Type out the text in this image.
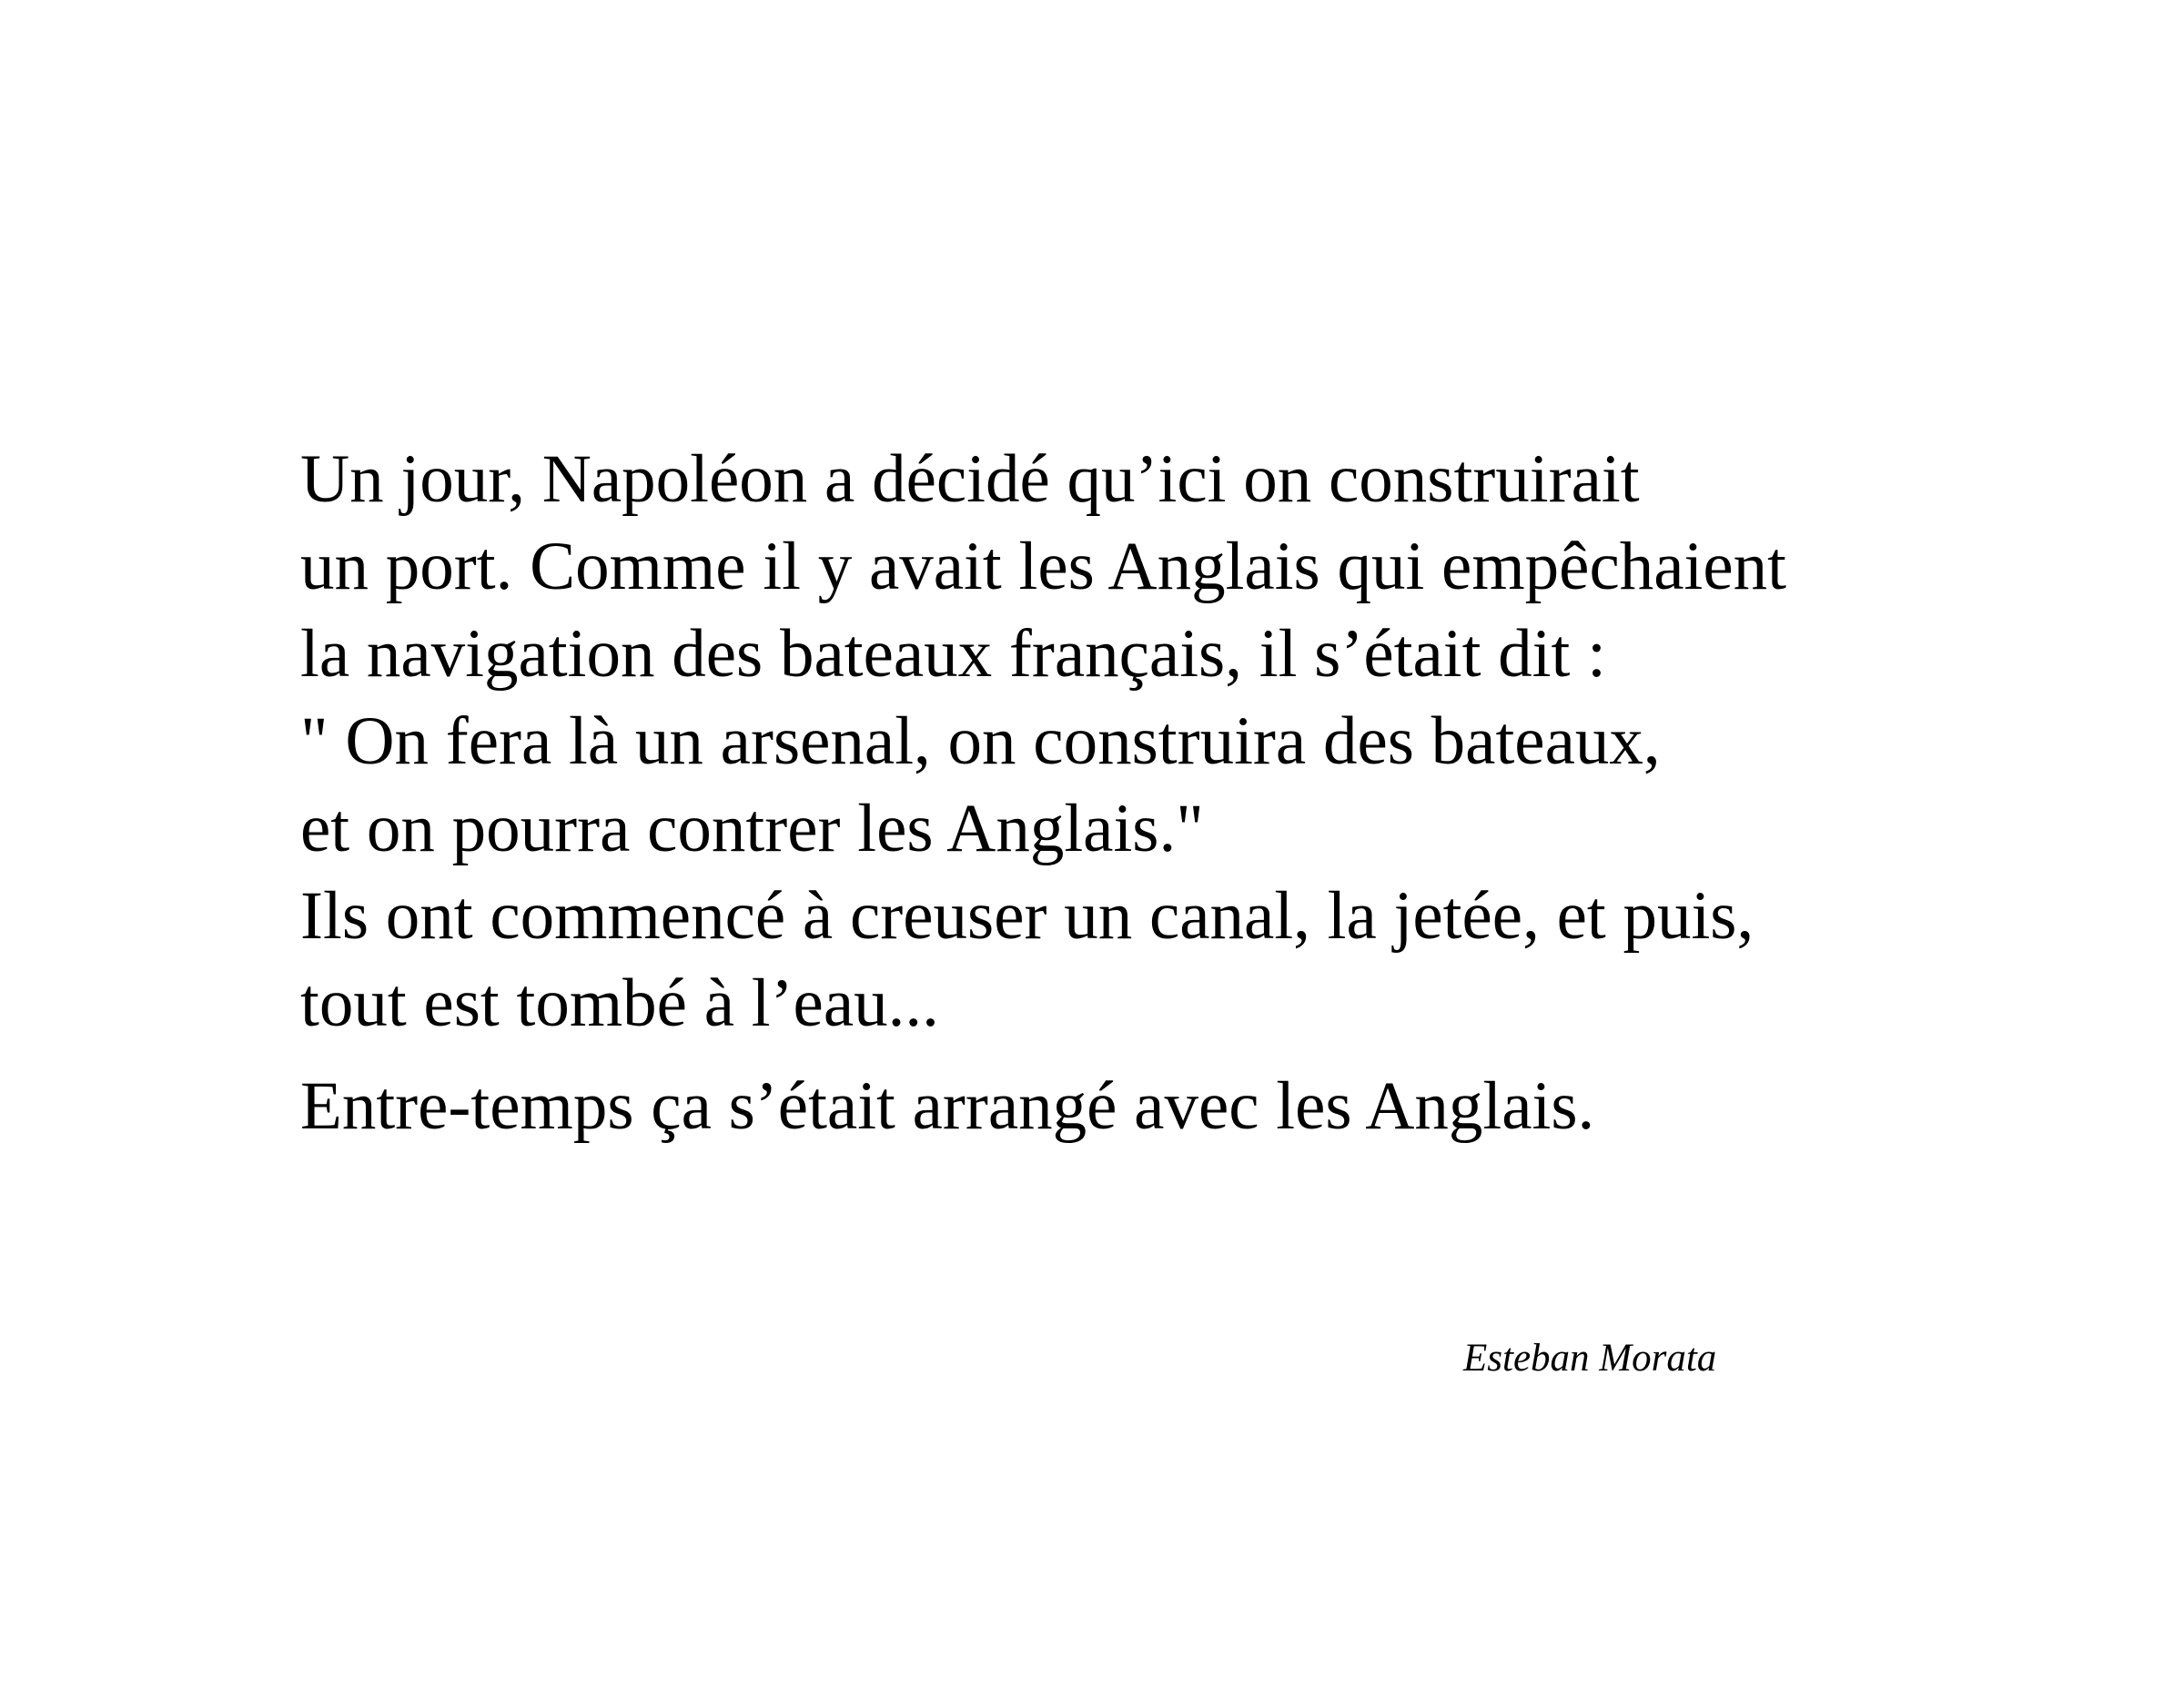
Un jour, Napoléon a décidé qu’ici on construirait
un port. Comme il y avait les Anglais qui empêchaient
la navigation des bateaux français, il s’était dit :
" On fera là un arsenal, on construira des bateaux,
et on pourra contrer les Anglais."
Ils ont commencé à creuser un canal, la jetée, et puis,
tout est tombé à l’eau...
Entre-temps ça s’était arrangé avec les Anglais.
Esteban Morata
